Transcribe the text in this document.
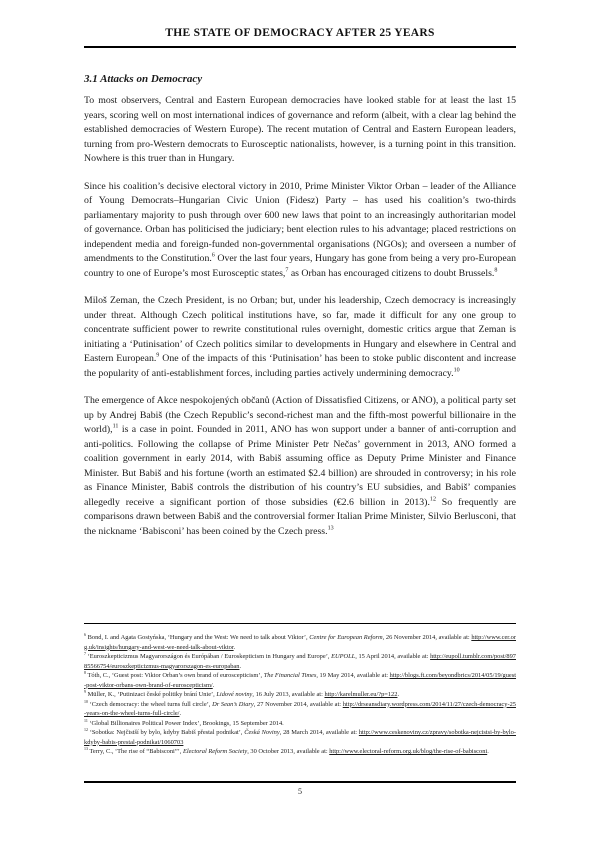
THE STATE OF DEMOCRACY AFTER 25 YEARS
3.1 Attacks on Democracy

To most observers, Central and Eastern European democracies have looked stable for at least the last 15 years, scoring well on most international indices of governance and reform (albeit, with a clear lag behind the established democracies of Western Europe). The recent mutation of Central and Eastern European leaders, turning from pro-Western democrats to Eurosceptic nationalists, however, is a turning point in this transition. Nowhere is this truer than in Hungary.

Since his coalition’s decisive electoral victory in 2010, Prime Minister Viktor Orban – leader of the Alliance of Young Democrats–Hungarian Civic Union (Fidesz) Party – has used his coalition’s two-thirds parliamentary majority to push through over 600 new laws that point to an increasingly authoritarian model of governance. Orban has politicised the judiciary; bent election rules to his advantage; placed restrictions on independent media and foreign-funded non-governmental organisations (NGOs); and overseen a number of amendments to the Constitution.$^6$ Over the last four years, Hungary has gone from being a very pro-European country to one of Europe’s most Eurosceptic states,$^7$ as Orban has encouraged citizens to doubt Brussels.$^8$

Miloš Zeman, the Czech President, is no Orban; but, under his leadership, Czech democracy is increasingly under threat. Although Czech political institutions have, so far, made it difficult for any one group to concentrate sufficient power to rewrite constitutional rules overnight, domestic critics argue that Zeman is initiating a ‘Putinisation’ of Czech politics similar to developments in Hungary and elsewhere in Central and Eastern European.$^9$ One of the impacts of this ‘Putinisation’ has been to stoke public discontent and increase the popularity of anti-establishment forces, including parties actively undermining democracy.$^{10}$

The emergence of Akce nespokojených občanů (Action of Dissatisfied Citizens, or ANO), a political party set up by Andrej Babiš (the Czech Republic’s second-richest man and the fifth-most powerful billionaire in the world),$^{11}$ is a case in point. Founded in 2011, ANO has won support under a banner of anti-corruption and anti-politics. Following the collapse of Prime Minister Petr Nečas’ government in 2013, ANO formed a coalition government in early 2014, with Babiš assuming office as Deputy Prime Minister and Finance Minister. But Babiš and his fortune (worth an estimated $2.4 billion) are shrouded in controversy; in his role as Finance Minister, Babiš controls the distribution of his country’s EU subsidies, and Babiš’ companies allegedly receive a significant portion of those subsidies (€2.6 billion in 2013).$^{12}$ So frequently are comparisons drawn between Babiš and the controversial former Italian Prime Minister, Silvio Berlusconi, that the nickname ‘Babisconi’ has been coined by the Czech press.$^{13}$

$^6$ Bond, I. and Agata Gostyńska, ‘Hungary and the West: We need to talk about Viktor’, Centre for European Reform, 26 November 2014, available at: http://www.cer.org.uk/insights/hungary-and-west-we-need-talk-about-viktor.
$^7$ ‘Euroszkepticizmus Magyarországon és Európában / Euroskepticism in Hungary and Europe’, EUPOLL, 15 April 2014, available at: http://eupoll.tumblr.com/post/89785566754/euroszkepticizmus-magyarorszagon-es-europaban.
$^8$ Tóth, C., ‘Guest post: Viktor Orban’s own brand of euroscepticism’, The Financial Times, 19 May 2014, available at: http://blogs.ft.com/beyondbrics/2014/05/19/guest-post-viktor-orbans-own-brand-of-euroscepticism/.
$^9$ Müller, K., ‘Putinizaci české politiky brání Unie’, Lidové noviny, 16 July 2013, available at: http://karelmuller.eu/?p=122.
$^{10}$ ‘Czech democracy: the wheel turns full circle’, Dr Sean’s Diary, 27 November 2014, available at: http://drseansdiary.wordpress.com/2014/11/27/czech-democracy-25-years-on-the-wheel-turns-full-circle/.
$^{11}$ ‘Global Billionaires Political Power Index’, Brookings, 15 September 2014.
$^{12}$ ‘Sobotka: Nejčistší by bylo, kdyby Babiš přestal podnikat’, Česká Noviny, 28 March 2014, available at: http://www.ceskenoviny.cz/zpravy/sobotka-nejcistsi-by-bylo-kdyby-babis-prestal-podnikat/1060703
$^{13}$ Terry, C., ‘The rise of “Babisconi”’, Electoral Reform Society, 30 October 2013, available at: http://www.electoral-reform.org.uk/blog/the-rise-of-babisconi.
5
